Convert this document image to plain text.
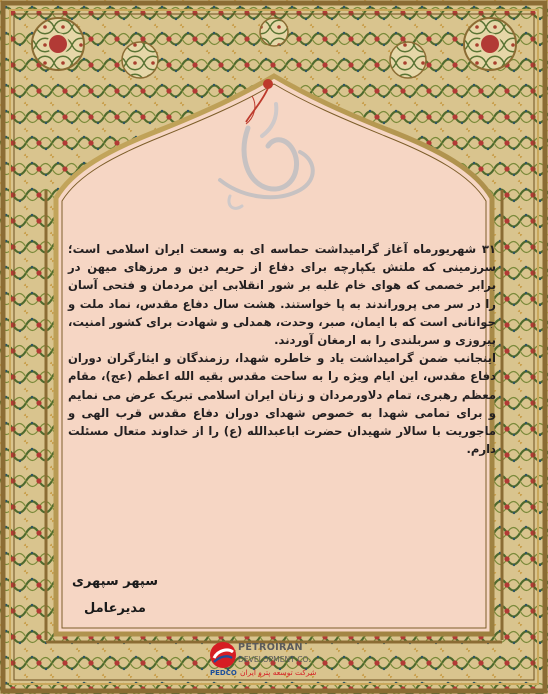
۳۱ شهریورماه آغاز گرامیداشت حماسه ای به وسعت ایران اسلامی است؛ سرزمینی که ملتش یکپارچه برای دفاع از حریم دین و مرزهای میهن در برابر خصمی که هوای خام غلبه بر شور انقلابی این مردمان و فتحی آسان را در سر می پروراندند به پا خواستند. هشت سال دفاع مقدس، نماد ملت و جوانانی است که با ایمان، صبر، وحدت، همدلی و شهادت برای کشور امنیت، پیروزی و سربلندی را به ارمغان آوردند.

اینجانب ضمن گرامیداشت یاد و خاطره شهدا، رزمندگان و ایثارگران دوران دفاع مقدس، این ایام ویژه را به ساحت مقدس بقیه الله اعظم (عج)، مقام معظم رهبری، تمام دلاورمردان و زنان ایران اسلامی تبریک عرض می نمایم و برای تمامی شهدا به خصوص شهدای دوران دفاع مقدس قرب الهی و ماجوریت با سالار شهیدان حضرت اباعبدالله (ع) را از خداوند متعال مسئلت دارم.

سپهر سپهری
مدیرعامل
PETROIRAN
DEVELOPMENT CO.
PEDCO شرکت توسعه پترو ایران
